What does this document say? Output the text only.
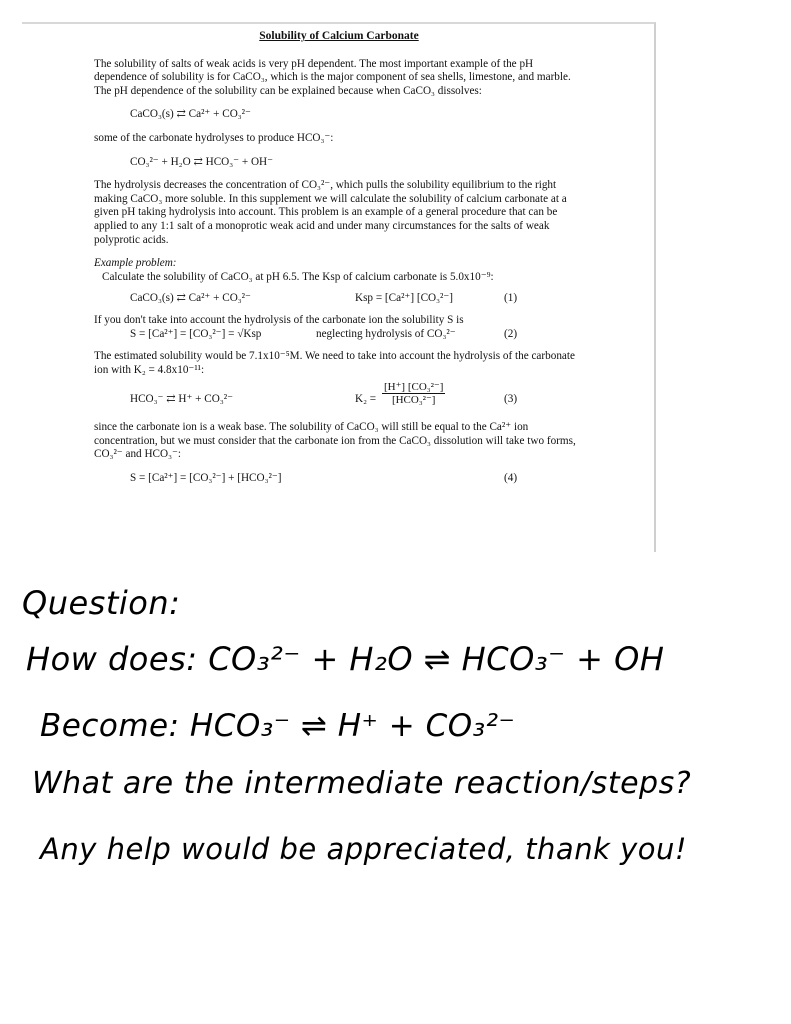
Solubility of Calcium Carbonate

The solubility of salts of weak acids is very pH dependent. The most important example of the pH dependence of solubility is for CaCO₃, which is the major component of sea shells, limestone, and marble. The pH dependence of the solubility can be explained because when CaCO₃ dissolves:

CaCO₃(s) ⇄ Ca²⁺ + CO₃²⁻

some of the carbonate hydrolyses to produce HCO₃⁻:

CO₃²⁻ + H₂O ⇄ HCO₃⁻ + OH⁻

The hydrolysis decreases the concentration of CO₃²⁻, which pulls the solubility equilibrium to the right making CaCO₃ more soluble. In this supplement we will calculate the solubility of calcium carbonate at a given pH taking hydrolysis into account. This problem is an example of a general procedure that can be applied to any 1:1 salt of a monoprotic weak acid and under many circumstances for the salts of weak polyprotic acids.

Example problem:

Calculate the solubility of CaCO₃ at pH 6.5. The Ksp of calcium carbonate is 5.0x10⁻⁹:

CaCO₃(s) ⇄ Ca²⁺ + CO₃²⁻	Ksp = [Ca²⁺] [CO₃²⁻]	(1)

If you don't take into account the hydrolysis of the carbonate ion the solubility S is

S = [Ca²⁺] = [CO₃²⁻] = √Ksp	neglecting hydrolysis of CO₃²⁻	(2)

The estimated solubility would be 7.1x10⁻⁵M. We need to take into account the hydrolysis of the carbonate ion with K₂ = 4.8x10⁻¹¹:

HCO₃⁻ ⇄ H⁺ + CO₃²⁻	K₂ =
[H⁺] [CO₃²⁻]
[HCO₃²⁻]	(3)

since the carbonate ion is a weak base. The solubility of CaCO₃ will still be equal to the Ca²⁺ ion concentration, but we must consider that the carbonate ion from the CaCO₃ dissolution will take two forms, CO₃²⁻ and HCO₃⁻:

S = [Ca²⁺] = [CO₃²⁻] + [HCO₃²⁻]	(4)
Question:
How does: CO₃²⁻ + H₂O ⇌ HCO₃⁻ + OH
Become: HCO₃⁻ ⇌ H⁺ + CO₃²⁻
What are the intermediate reaction/steps?
Any help would be appreciated, thank you!
